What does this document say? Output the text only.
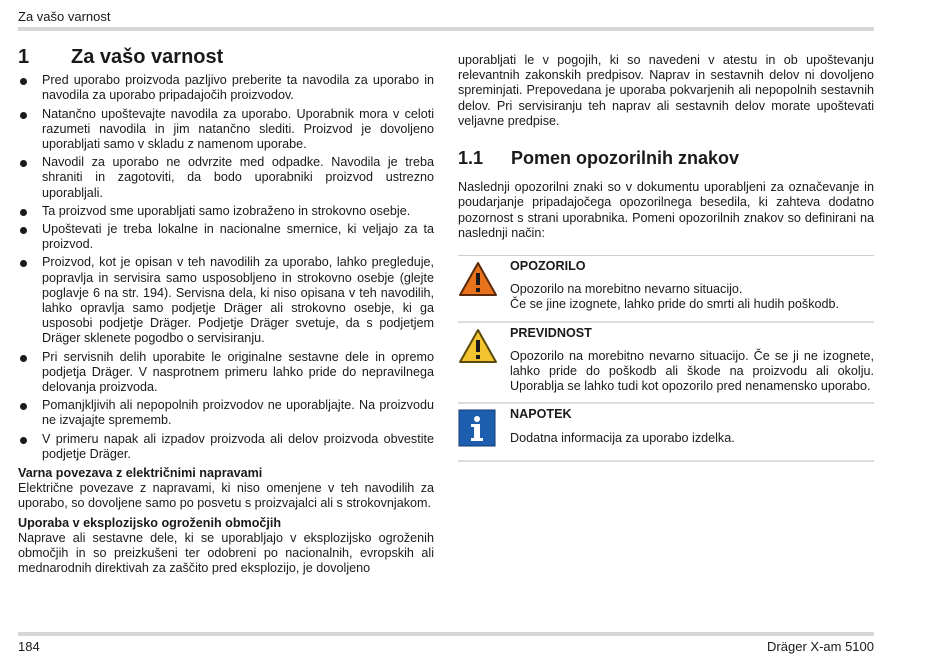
Za vašo varnost
1	Za vašo varnost
Pred uporabo proizvoda pazljivo preberite ta navodila za uporabo in navodila za uporabo pripadajočih proizvodov.
Natančno upoštevajte navodila za uporabo. Uporabnik mora v celoti razumeti navodila in jim natančno slediti. Proizvod je dovoljeno uporabljati samo v skladu z namenom uporabe.
Navodil za uporabo ne odvrzite med odpadke. Navodila je treba shraniti in zagotoviti, da bodo uporabniki proizvod ustrezno uporabljali.
Ta proizvod sme uporabljati samo izobraženo in strokovno osebje.
Upoštevati je treba lokalne in nacionalne smernice, ki veljajo za ta proizvod.
Proizvod, kot je opisan v teh navodilih za uporabo, lahko pregleduje, popravlja in servisira samo usposobljeno in strokovno osebje (glejte poglavje 6 na str. 194). Servisna dela, ki niso opisana v teh navodilih, lahko opravlja samo podjetje Dräger ali strokovno osebje, ki ga usposobi podjetje Dräger. Podjetje Dräger svetuje, da s podjetjem Dräger sklenete pogodbo o servisiranju.
Pri servisnih delih uporabite le originalne sestavne dele in opremo podjetja Dräger. V nasprotnem primeru lahko pride do nepravilnega delovanja proizvoda.
Pomanjkljivih ali nepopolnih proizvodov ne uporabljajte. Na proizvodu ne izvajajte sprememb.
V primeru napak ali izpadov proizvoda ali delov proizvoda obvestite podjetje Dräger.
Varna povezava z električnimi napravami

Električne povezave z napravami, ki niso omenjene v teh navodilih za uporabo, so dovoljene samo po posvetu s proizvajalci ali s strokovnjakom.

Uporaba v eksplozijsko ogroženih območjih

Naprave ali sestavne dele, ki se uporabljajo v eksplozijsko ogroženih območjih in so preizkušeni ter odobreni po nacionalnih, evropskih ali mednarodnih direktivah za zaščito pred eksplozijo, je dovoljeno

uporabljati le v pogojih, ki so navedeni v atestu in ob upoštevanju relevantnih zakonskih predpisov. Naprav in sestavnih delov ni dovoljeno spreminjati. Prepovedana je uporaba pokvarjenih ali nepopolnih sestavnih delov. Pri servisiranju teh naprav ali sestavnih delov morate upoštevati veljavne predpise.

1.1	Pomen opozorilnih znakov

Naslednji opozorilni znaki so v dokumentu uporabljeni za označevanje in poudarjanje pripadajočega opozorilnega besedila, ki zahteva dodatno pozornost s strani uporabnika. Pomeni opozorilnih znakov so definirani na naslednji način:

OPOZORILO
Opozorilo na morebitno nevarno situacijo.
Če se jine izognete, lahko pride do smrti ali hudih poškodb.
PREVIDNOST
Opozorilo na morebitno nevarno situacijo. Če se ji ne izognete, lahko pride do poškodb ali škode na proizvodu ali okolju. Uporablja se lahko tudi kot opozorilo pred nenamensko uporabo.
NAPOTEK
Dodatna informacija za uporabo izdelka.
184	Dräger X-am 5100
